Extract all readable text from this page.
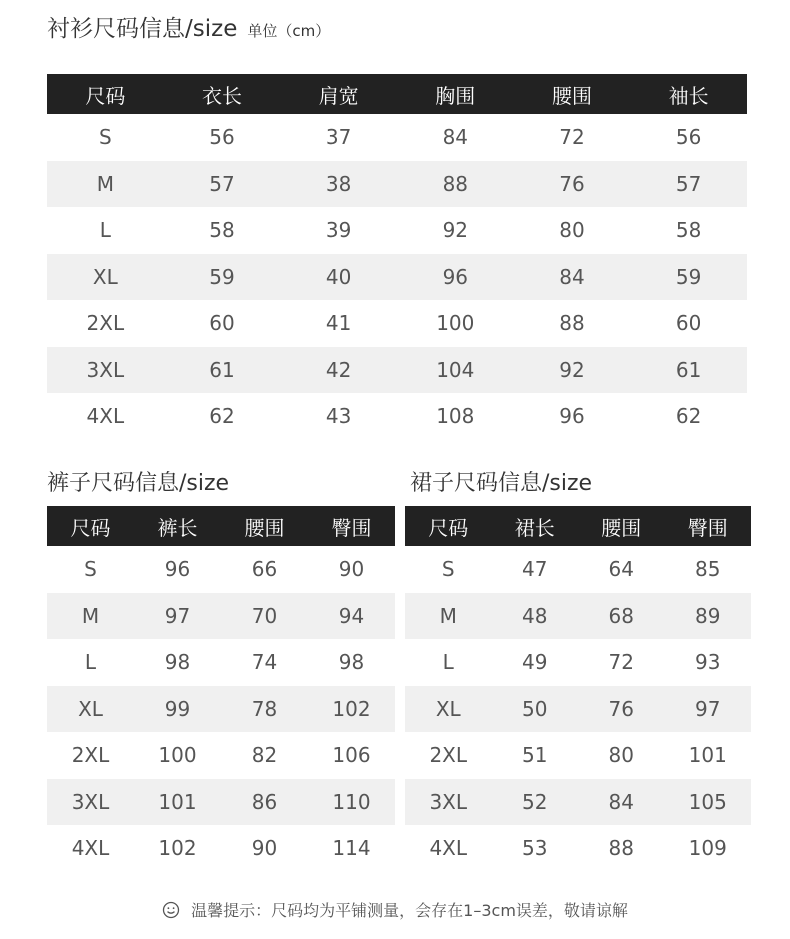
衬衫尺码信息/size 单位（cm）
尺码	衣长	肩宽	胸围	腰围	袖长
S	56	37	84	72	56
M	57	38	88	76	57
L	58	39	92	80	58
XL	59	40	96	84	59
2XL	60	41	100	88	60
3XL	61	42	104	92	61
4XL	62	43	108	96	62
裤子尺码信息/size	裙子尺码信息/size
尺码	裤长	腰围	臀围
S	96	66	90
M	97	70	94
L	98	74	98
XL	99	78	102
2XL	100	82	106
3XL	101	86	110
4XL	102	90	114
尺码	裙长	腰围	臀围
S	47	64	85
M	48	68	89
L	49	72	93
XL	50	76	97
2XL	51	80	101
3XL	52	84	105
4XL	53	88	109
温馨提示：尺码均为平铺测量，会存在1–3cm误差，敬请谅解
